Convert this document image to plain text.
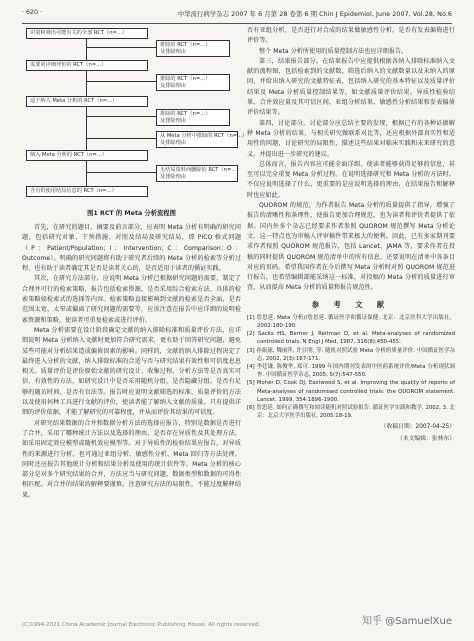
· 620 ·	中华流行病学杂志 2007 年 6 月第 28 卷第 6 期 Chin J Epidemiol, June 2007, Vol.28, No.6
识别和筛出可能有关的全部 RCT（n=…）
排除的 RCT（n=…）
及排除理由
需要更详细评价的 RCT（n=…）
排除的 RCT（n=…）
及排除理由
适于纳入 Meta 分析的 RCT（n=…）
排除的 RCT（n=…）
及排除理由
从 Meta 分析中排除的 RCT（n=…）
及排除理由
纳入 Meta 分析的 RCT（n=…）
无结局资料而删除的 RCT（n=…）
及排除理由
含有供使用结局信息的 RCT（n=…）
图1 RCT 的 Meta 分析流程图

首先，在研究的题目、摘要及前言部分，应表明 Meta 分析有明确的研究问题，包括研究对象、干预措施、对照及结局及研究结局，即 PICO 格式问题（P：Patient/Population；I：Intervention；C：Comparison；O：Outcome）。明确的研究问题将有助于研究者后续的 Meta 分析的检索等分析过程，也有助于读者确定其是否是读者关心的，是否适用于读者的循证实践。

其次，在研究方法部分，应说明 Meta 分析已根据研究问题的需要，制定了合理并可行的检索策略，报告包括检索资源，是否采用综合检索方法，具体的检索策略如检索式的选择等内容。检索策略直接影响到文献的检索是否全面，是否范围太宽、太窄或偏离了研究问题的需要等，应该注意在报告中应详细的说明检索资源和策略，使读者可重复检索或进行评价。

Meta 分析需要在设计阶段确定文献的纳入排除标准和质量评价方法，应详细说明 Meta 分析纳入文献时更加符合研究需求，更有助于回答研究问题，避免某些可能对分析结果造成偏倚因素的影响。同样的，文献的纳入排除过程决定了最终进入分析的文献，纳入排除标准的合适与否与研究结果有效性和可信度息息相关。质量评价是评价原始文献的研究设计、收集过程、分析方法等是否真实可信，有效性的方法，如研究设计中是否采用随机分组、是否隐藏分组、是否有足够的随访时间、是否有盲法等。报告时应说明文献筛选的标准、质量评价的方法以及使用何种工具进行文献的评价，使读者能了解纳入文献的质量。只有提供详细的评价依据，才能了解研究的可靠程度，并从而评价其结果的可信度。

对研究结果数据的合并和数据分析方法的选择应报告，特别是数据是否进行了合并，采用了哪种统计方法以及选择的理由、是否存在异质性及其处理方法，如采用固定效应模型或随机效应模型等。对于异质性的检验结果应报告，对异质性的来源进行分析，也可通过亚组分析、敏感性分析、Meta 回归等方法处理。同时还应报告其他统计分析和结果分析及使用的统计软件等。Meta 分析的核心部分是对多个研究结果的合并，方法应当与研究问题、数据类型和数据的可得性相匹配。对合并的结果的解释要谨慎，注意研究方法的局限性，不能过度解释结果。

否有亚组分析，是否进行对合成的结果做敏感性分析，是否有发表偏倚进行评价等。

整个 Meta 分析所使用的质量控制方法也应详细报告。

第三，结果报告部分。在结果报告中应提供根据各纳入排除标准纳入文献的流程图，包括检索到的文献数、筛选后纳入的文献数量以及未纳入的原因，并给出纳入研究的文献特征表，包括纳入研究的基本特征以及质量评价结果及 Meta 分析质量控制结果等，如文献质量评价结果、异质性检验结果、合并效应量及其可信区间、亚组分析结果、敏感性分析结果和发表偏倚评价结果等。

第四，讨论部分。讨论部分应总结主要的发现，根据已有的各种证据解释 Meta 分析的结果，与相关研究做联系对比等，还应根据外部真实性和适用性的问题，讨论研究的局限性，描述这些结果对临床实践和未来研究的意义，并提出进一步研究的建议。

总体而言，报告内容应可能全面详细，使读者能够获得足够的信息，甚至可以完全重复 Meta 分析过程。在说明选择研究和 Meta 分析的方法时，不仅应说明选择了什么，更重要的是应说明选择的理由，在结果报告和解释时也应如此。

QUOROM 的规范，为作者报告 Meta 分析的质量提供了指导，增强了报告的清晰性和条理性，使报告更加合理规范，也为读者和评价者提供了依据。国内外多个杂志已经要求作者参照 QUOROM 规范撰写 Meta 分析论文，这一特点也为审稿人评审稿件带来极大的便利。因此，已有多家期刊要求作者按照 QUOROM 规范报告，包括 Lancet、JAMA 等，要求作者在投稿的同时提供 QUOROM 规范清单中的所有信息，还要说明在清单中各条目对应的页码。希望我国作者在今后撰写 Meta 分析时对照 QUOROM 规范进行报告，也希望编辑部能采纳这一标准，对投稿的 Meta 分析的质量进行审查，从而提高 Meta 分析的质量和报告规范性。

参 考 文 献

[1] 詹思延. Meta 分析//詹思延. 循证医学和循证保健. 北京：北京医科大学出版社，2002:180-190.

[2] Sacks HS, Berrier J, Reitman D, et al. Meta-analyses of randomized controlled trials. N Engl J Med, 1987, 316(8):450-455.

[3] 孙振球, 魏丽萍, 许日明, 等. 随机对照试验 Meta 分析的质量评价. 中国循证医学杂志, 2002, 2(3):167-171.

[4] 李廷谦, 陈俊华, 郑可. 1999 年国内期刊发表的中医药系统评价/Meta 分析现状调查. 中国循证医学杂志, 2005, 5(7):547-550.

[5] Moher D, Cook DJ, Eastwood S, et al. Improving the quality of reports of Meta-analyses of randomised controlled trials: the QUOROM statement. Lancet, 1999, 354:1896-1900.

[6] 詹思延. 如何正确撰写和阅读随机对照试验报告. 循证医学实践和教学, 2002, 3. 北京：北京大学医学出版社, 2005:18-19.

（收稿日期：2007-04-25）
（本文编辑：张林东）
(C)1994-2021 China Academic Journal Electronic Publishing House. All rights reserved.	知乎 @SamuelXue
